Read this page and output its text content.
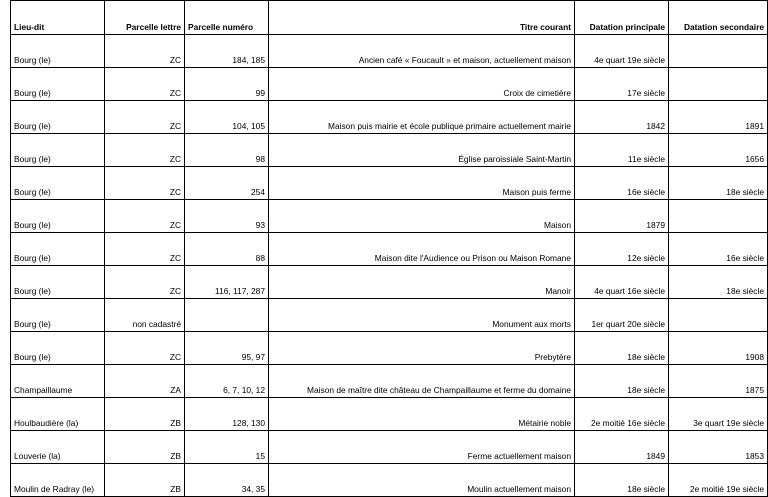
Lieu-dit	Parcelle lettre	Parcelle numéro	Titre courant	Datation principale	Datation secondaire
Bourg (le)	ZC	184, 185	Ancien café « Foucault » et maison, actuellement maison	4e quart 19e siècle	
Bourg (le)	ZC	99	Croix de cimetière	17e siècle	
Bourg (le)	ZC	104, 105	Maison puis mairie et école publique primaire actuellement mairie	1842	1891
Bourg (le)	ZC	98	Église paroissiale Saint-Martin	11e siècle	1656
Bourg (le)	ZC	254	Maison puis ferme	16e siècle	18e siècle
Bourg (le)	ZC	93	Maison	1879	
Bourg (le)	ZC	88	Maison dite l'Audience ou Prison ou Maison Romane	12e siècle	16e siècle
Bourg (le)	ZC	116, 117, 287	Manoir	4e quart 16e siècle	18e siècle
Bourg (le)	non cadastré		Monument aux morts	1er quart 20e siècle	
Bourg (le)	ZC	95, 97	Prebytère	18e siècle	1908
Champaillaume	ZA	6, 7, 10, 12	Maison de maître dite château de Champaillaume et ferme du domaine	18e siècle	1875
Houlbaudière (la)	ZB	128, 130	Métairie noble	2e moitié 16e siècle	3e quart 19e siècle
Louverie (la)	ZB	15	Ferme actuellement maison	1849	1853
Moulin de Radray (le)	ZB	34, 35	Moulin actuellement maison	18e siècle	2e moitié 19e siècle
